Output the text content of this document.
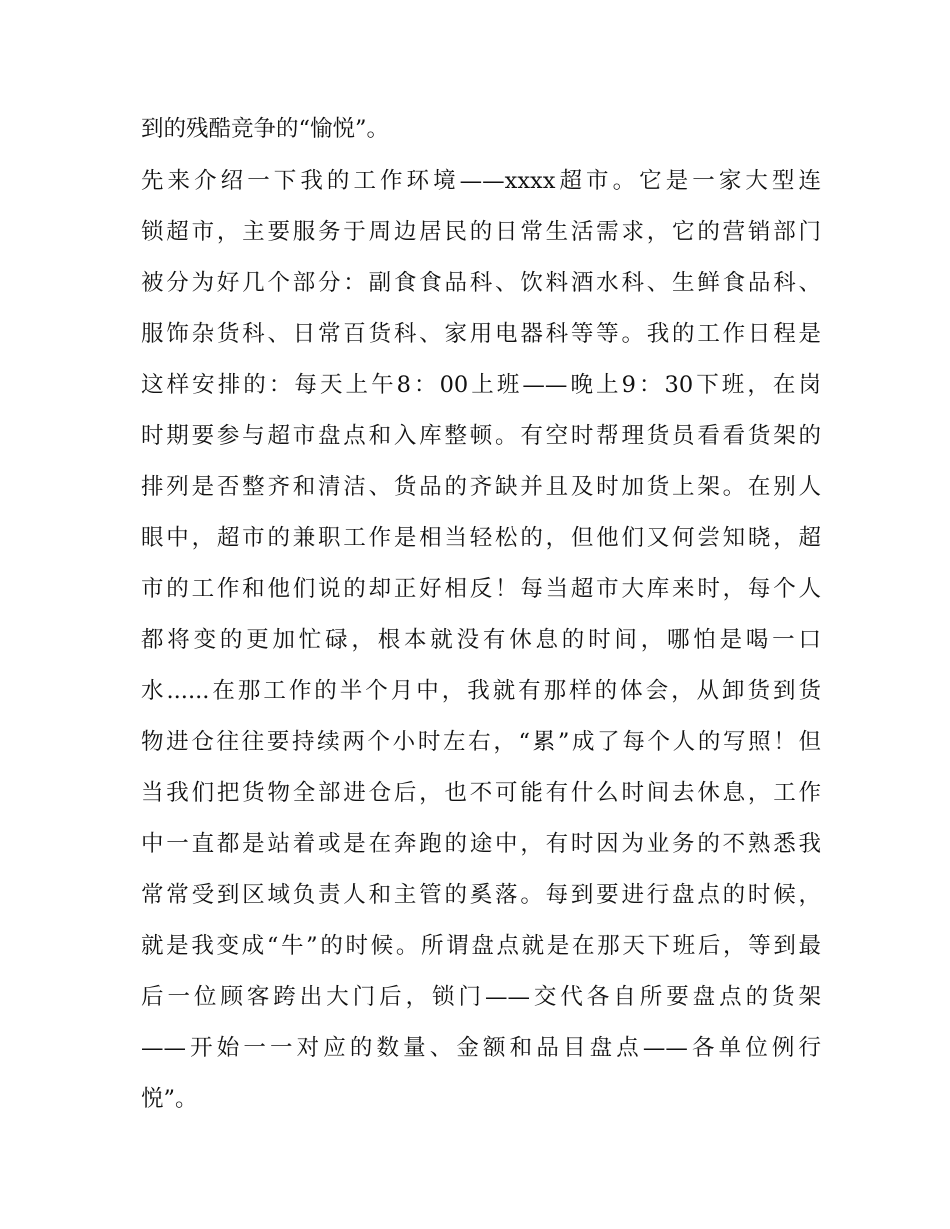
到的残酷竞争的“愉悦”。
先来介绍一下我的工作环境——xxxx超市。它是一家大型连
锁超市，主要服务于周边居民的日常生活需求，它的营销部门
被分为好几个部分：副食食品科、饮料酒水科、生鲜食品科、
服饰杂货科、日常百货科、家用电器科等等。我的工作日程是
这样安排的：每天上午8：00上班——晚上9：30下班，在岗
时期要参与超市盘点和入库整顿。有空时帮理货员看看货架的
排列是否整齐和清洁、货品的齐缺并且及时加货上架。在别人
眼中，超市的兼职工作是相当轻松的，但他们又何尝知晓，超
市的工作和他们说的却正好相反！每当超市大库来时，每个人
都将变的更加忙碌，根本就没有休息的时间，哪怕是喝一口
水......在那工作的半个月中，我就有那样的体会，从卸货到货
物进仓往往要持续两个小时左右，“累”成了每个人的写照！但
当我们把货物全部进仓后，也不可能有什么时间去休息，工作
中一直都是站着或是在奔跑的途中，有时因为业务的不熟悉我
常常受到区域负责人和主管的奚落。每到要进行盘点的时候，
就是我变成“牛”的时候。所谓盘点就是在那天下班后，等到最
后一位顾客跨出大门后，锁门——交代各自所要盘点的货架
——开始一一对应的数量、金额和品目盘点——各单位例行
悦”。
